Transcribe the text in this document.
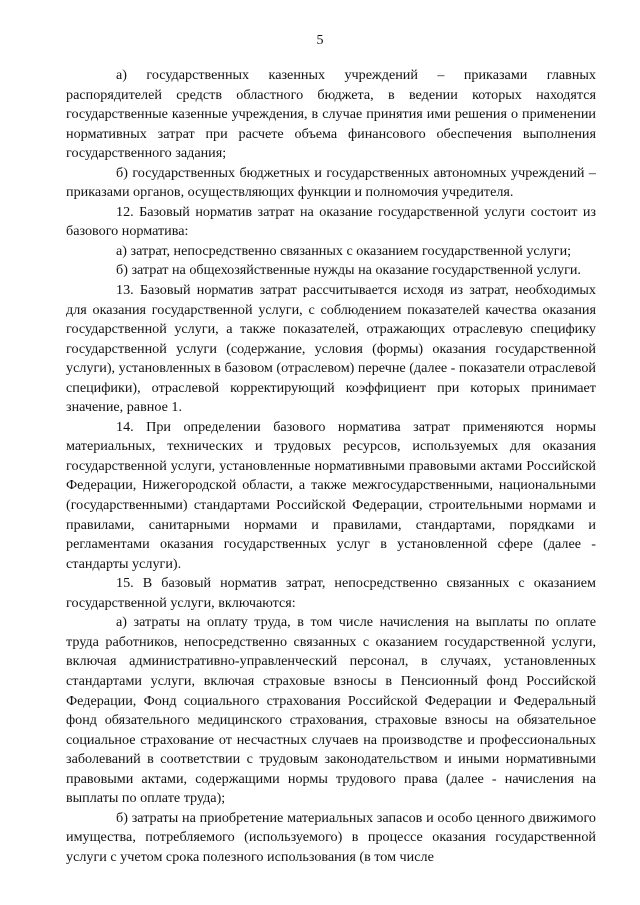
5

а) государственных казенных учреждений – приказами главных распорядителей средств областного бюджета, в ведении которых находятся государственные казенные учреждения, в случае принятия ими решения о применении нормативных затрат при расчете объема финансового обеспечения выполнения государственного задания;

б) государственных бюджетных и государственных автономных учреждений – приказами органов, осуществляющих функции и полномочия учредителя.

12. Базовый норматив затрат на оказание государственной услуги состоит из базового норматива:

а) затрат, непосредственно связанных с оказанием государственной услуги;

б) затрат на общехозяйственные нужды на оказание государственной услуги.

13. Базовый норматив затрат рассчитывается исходя из затрат, необходимых для оказания государственной услуги, с соблюдением показателей качества оказания государственной услуги, а также показателей, отражающих отраслевую специфику государственной услуги (содержание, условия (формы) оказания государственной услуги), установленных в базовом (отраслевом) перечне (далее - показатели отраслевой специфики), отраслевой корректирующий коэффициент при которых принимает значение, равное 1.

14. При определении базового норматива затрат применяются нормы материальных, технических и трудовых ресурсов, используемых для оказания государственной услуги, установленные нормативными правовыми актами Российской Федерации, Нижегородской области, а также межгосударственными, национальными (государственными) стандартами Российской Федерации, строительными нормами и правилами, санитарными нормами и правилами, стандартами, порядками и регламентами оказания государственных услуг в установленной сфере (далее - стандарты услуги).

15. В базовый норматив затрат, непосредственно связанных с оказанием государственной услуги, включаются:

а) затраты на оплату труда, в том числе начисления на выплаты по оплате труда работников, непосредственно связанных с оказанием государственной услуги, включая административно-управленческий персонал, в случаях, установленных стандартами услуги, включая страховые взносы в Пенсионный фонд Российской Федерации, Фонд социального страхования Российской Федерации и Федеральный фонд обязательного медицинского страхования, страховые взносы на обязательное социальное страхование от несчастных случаев на производстве и профессиональных заболеваний в соответствии с трудовым законодательством и иными нормативными правовыми актами, содержащими нормы трудового права (далее - начисления на выплаты по оплате труда);

б) затраты на приобретение материальных запасов и особо ценного движимого имущества, потребляемого (используемого) в процессе оказания государственной услуги с учетом срока полезного использования (в том числе
